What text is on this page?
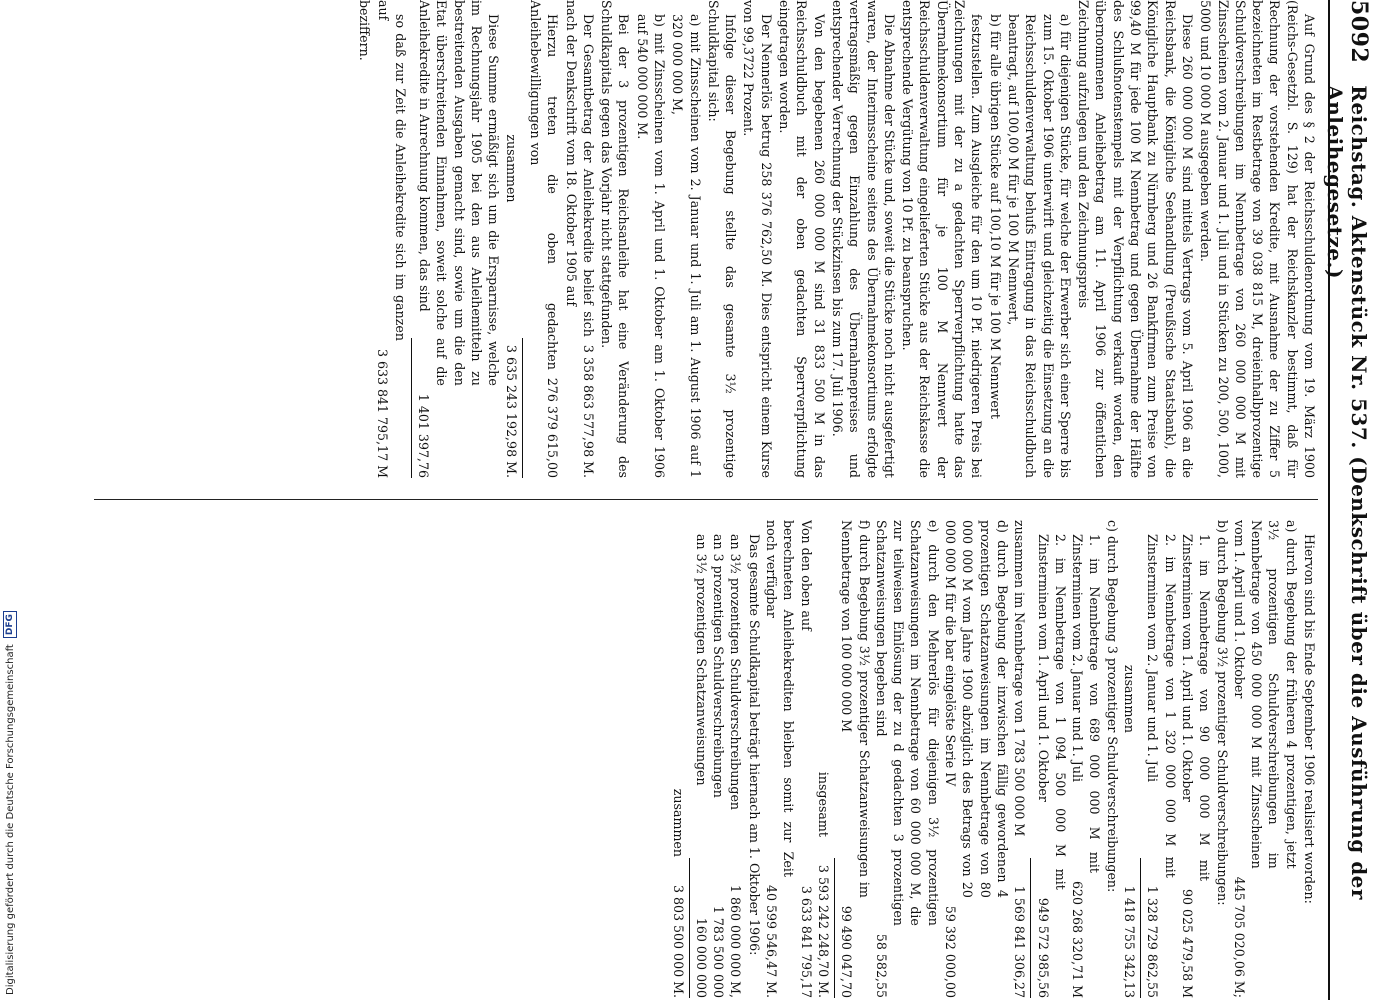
5092
Reichstag. Aktenstück Nr. 537. (Denkschrift über die Ausführung der Anleihegesetze.)

Auf Grund des § 2 der Reichsschuldenordnung vom 19. März 1900 (Reichs-Gesetzbl. S. 129) hat der Reichskanzler bestimmt, daß für Rechnung der vorstehenden Kredite, mit Ausnahme der zu Ziffer 5 bezeichneten im Restbetrage von 39 038 815 M, dreieinhalbprozentige Schuldverschreibungen im Nennbetrage von 260 000 000 M mit Zinsscheinen vom 2. Januar und 1. Juli und in Stücken zu 200, 500, 1000, 5000 und 10 000 M ausgegeben werden.

Diese 260 000 000 M sind mittels Vertrags vom 5. April 1906 an die Reichsbank, die Königliche Seehandlung (Preußische Staatsbank), die Königliche Hauptbank zu Nürnberg und 26 Bankfirmen zum Preise von 99,40 M für jede 100 M Nennbetrag und gegen Übernahme der Hälfte des Schlußnotenstempels mit der Verpflichtung verkauft worden, den übernommenen Anleihebetrag am 11. April 1906 zur öffentlichen Zeichnung aufzulegen und den Zeichnungspreis

a) für diejenigen Stücke, für welche der Erwerber sich einer Sperre bis zum 15. Oktober 1906 unterwirft und gleichzeitig die Einsetzung an die Reichsschuldenverwaltung behufs Eintragung in das Reichsschuldbuch beantragt, auf 100,00 M für je 100 M Nennwert,

b) für alle übrigen Stücke auf 100,10 M für je 100 M Nennwert

festzustellen. Zum Ausgleiche für den um 10 Pf. niedrigeren Preis bei Zeichnungen mit der zu a gedachten Sperrverpflichtung hatte das Übernahmekonsortium für je 100 M Nennwert der Reichsschuldenverwaltung eingelieferten Stücke aus der Reichskasse die entsprechende Vergütung von 10 Pf. zu beanspruchen.

Die Abnahme der Stücke und, soweit die Stücke noch nicht ausgefertigt waren, der Interimsscheine seitens des Übernahmekonsortiums erfolgte vertragsmäßig gegen Einzahlung des Übernahmepreises und entsprechender Verrechnung der Stückzinsen bis zum 17. Juli 1906.

Von den begebenen 260 000 000 M sind 31 833 500 M in das Reichsschuldbuch mit der oben gedachten Sperrverpflichtung eingetragen worden.

Der Nennerlös betrug 258 376 762,50 M. Dies entspricht einem Kurse von 99,3722 Prozent.

Infolge dieser Begebung stellte das gesamte 3½ prozentige Schuldkapital sich:

a) mit Zinsscheinen vom 2. Januar und 1. Juli am 1. August 1906 auf 1 320 000 000 M,

b) mit Zinsscheinen vom 1. April und 1. Oktober am 1. Oktober 1906 auf 540 000 000 M.

Bei der 3 prozentigen Reichsanleihe hat eine Veränderung des Schuldkapitals gegen das Vorjahr nicht stattgefunden.

Der Gesamtbetrag der Anleihekredite belief sich nach der Denkschrift vom 18. Oktober 1905 auf

3 358 863 577,98 M.

Hierzu treten die oben gedachten Anleihebewilligungen von

276 379 615,00
zusammen
3 635 243 192,98 M.

Diese Summe ermäßigt sich um die Ersparnisse, welche im Rechnungsjahr 1905 bei den aus Anleihemitteln zu bestreitenden Ausgaben gemacht sind, sowie um die den Etat überschreitenden Einnahmen, soweit solche auf die Anleihekredite in Anrechnung kommen, das sind

1 401 397,76

so daß zur Zeit die Anleihekredite sich im ganzen auf

3 633 841 795,17 M

beziffern.

Hiervon sind bis Ende September 1906 realisiert worden:

a) durch Begebung der früheren 4 prozentigen, jetzt 3½ prozentigen Schuldverschreibungen im Nennbetrage von 450 000 000 M mit Zinsscheinen vom 1. April und 1. Oktober
445 705 020,06 M;
b) durch Begebung 3½ prozentiger Schuldverschreibungen:
1. im Nennbetrage von 90 000 000 M mit Zinsterminen vom 1. April und 1. Oktober
90 025 479,58 M
2. im Nennbetrage von 1 320 000 000 M mit Zinsterminen vom 2. Januar und 1. Juli
1 328 729 862,55
zusammen
1 418 755 342,13
c) durch Begebung 3 prozentiger Schuldverschreibungen:
1. im Nennbetrage von 689 000 000 M mit Zinsterminen vom 2. Januar und 1. Juli
620 268 320,71 M
2. im Nennbetrage von 1 094 500 000 M mit Zinsterminen vom 1. April und 1. Oktober
949 572 985,56
zusammen im Nennbetrage von 1 783 500 000 M
1 569 841 306,27
d) durch Begebung der inzwischen fällig gewordenen 4 prozentigen Schatzanweisungen im Nennbetrage von 80 000 000 M vom Jahre 1900 abzüglich des Betrags von 20 000 000 M für die bar eingelöste Serie IV
59 392 000,00
e) durch den Mehrerlös für diejenigen 3½ prozentigen Schatzanweisungen im Nennbetrage von 60 000 000 M, die zur teilweisen Einlösung der zu d gedachten 3 prozentigen Schatzanweisungen begeben sind
58 582,55
f) durch Begebung 3½ prozentiger Schatzanweisungen im Nennbetrage von 100 000 000 M
99 490 047,70
insgesamt
3 593 242 248,70 M.
Von den oben auf
3 633 841 795,17
berechneten Anleihekrediten bleiben somit zur Zeit noch verfügbar
40 599 546,47 M.

Das gesamte Schuldkapital beträgt hiernach am 1. Oktober 1906:

an 3½ prozentigen Schuldverschreibungen
1 860 000 000 M,
an 3 prozentigen Schuldverschreibungen
1 783 500 000
an 3½ prozentigen Schatzanweisungen
160 000 000
zusammen
3 803 500 000 M.
Digitalisierung gefördert durch die Deutsche Forschungsgemeinschaft
DFG
